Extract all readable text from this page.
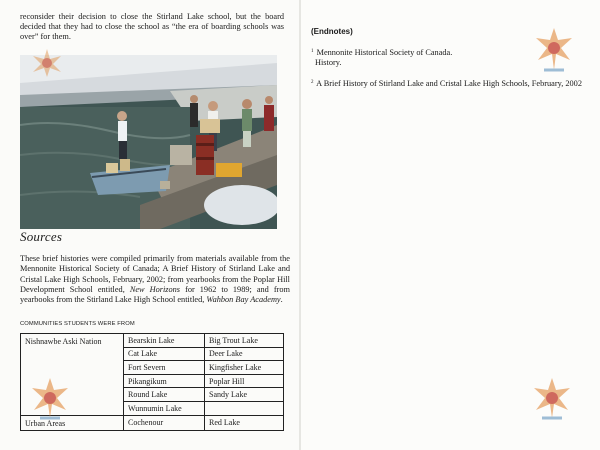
reconsider their decision to close the Stirland Lake school, but the board decided that they had to close the school as “the era of boarding schools was over” for them.
Sources
These brief histories were compiled primarily from materials available from the Mennonite Historical Society of Canada; A Brief History of Stirland Lake and Cristal Lake High Schools, February, 2002; from yearbooks from the Poplar Hill Development School entitled, New Horizons for 1962 to 1989; and from yearbooks from the Stirland Lake High School entitled, Wahbon Bay Academy.
COMMUNITIES STUDENTS WERE FROM
Nishnawbe Aski Nation	Bearskin Lake	Big Trout Lake
	Cat Lake	Deer Lake
	Fort Severn	Kingfisher Lake
	Pikangikum	Poplar Hill
	Round Lake	Sandy Lake
	Wunnumin Lake	
Urban Areas	Cochenour	Red Lake
(Endnotes)
$^1$ Mennonite Historical Society of Canada.
History.
$^2$ A Brief History of Stirland Lake and Cristal Lake High Schools, February, 2002
